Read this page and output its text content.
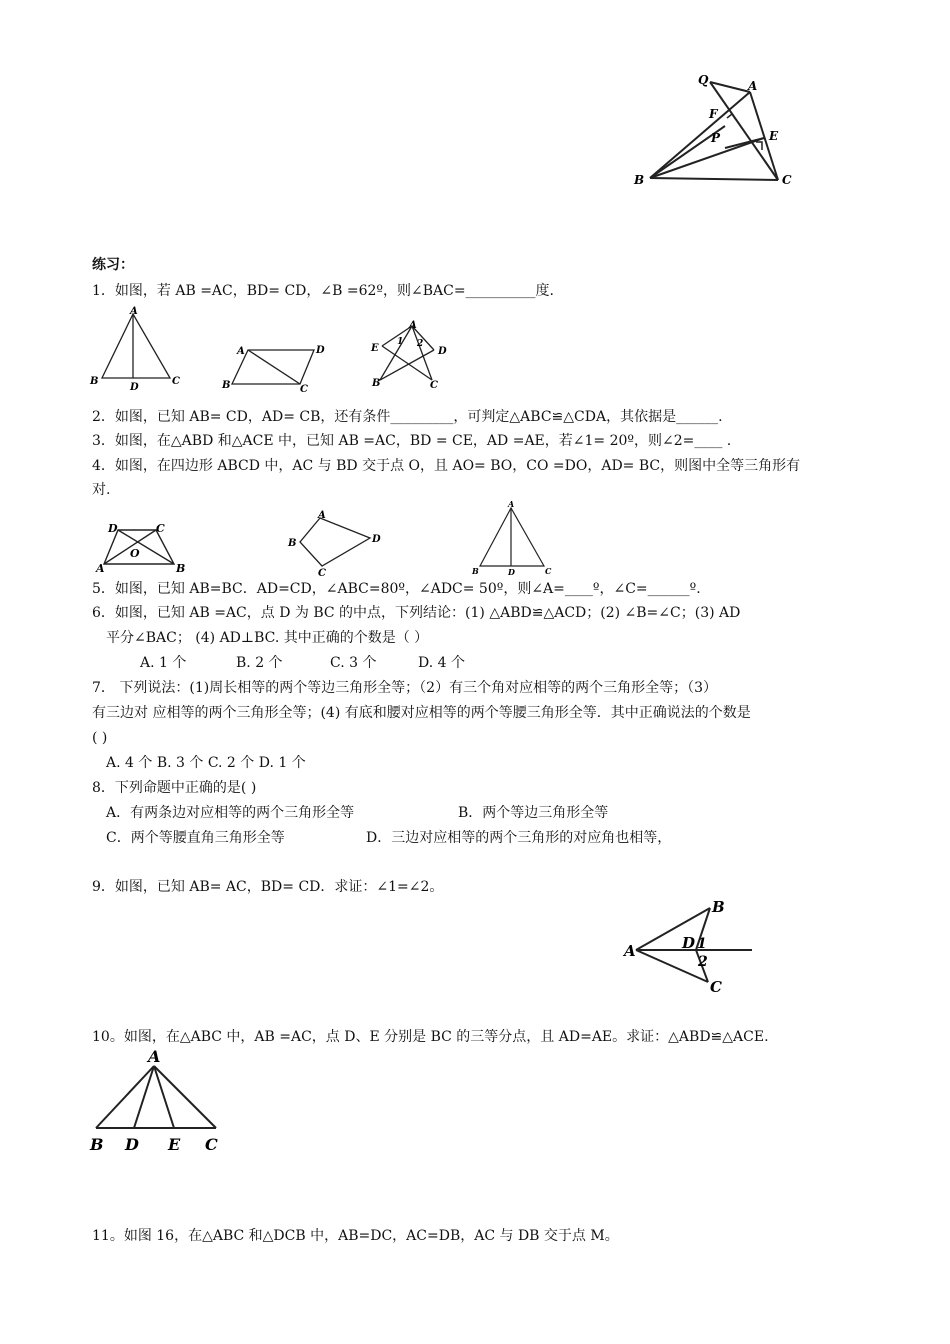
Q	A
F
P	E
B	C
练习：
1．如图，若 AB =AC，BD= CD，∠B =62º，则∠BAC=__________度.
A
B
D
C
A	D
B	C
A
E
1 2
D
B	C
2．如图，已知 AB= CD，AD= CB，还有条件_________，可判定△ABC≌△CDA，其依据是______.
3．如图，在△ABD 和△ACE 中，已知 AB =AC，BD = CE，AD =AE，若∠1= 20º，则∠2=____ .
4．如图，在四边形 ABCD 中，AC 与 BD 交于点 O，且 AO= BO，CO =DO，AD= BC，则图中全等三角形有
对.
D	C
O
A	B
A
B	D
C
A
B	D	C
5．如图，已知 AB=BC．AD=CD，∠ABC=80º，∠ADC= 50º，则∠A=____º，∠C=______º.
6．如图，已知 AB =AC，点 D 为 BC 的中点，下列结论：(1) △ABD≌△ACD；(2) ∠B=∠C；(3) AD
平分∠BAC； (4) AD⊥BC. 其中正确的个数是（ ）
A. 1 个	B. 2 个	C. 3 个	D. 4 个
7． 下列说法：(1)周长相等的两个等边三角形全等；（2）有三个角对应相等的两个三角形全等；（3）
有三边对 应相等的两个三角形全等；(4) 有底和腰对应相等的两个等腰三角形全等．其中正确说法的个数是
( )
A. 4 个 B. 3 个 C. 2 个 D. 1 个
8．下列命题中正确的是( )
A．有两条边对应相等的两个三角形全等	B．两个等边三角形全等
C．两个等腰直角三角形全等	D．三边对应相等的两个三角形的对应角也相等，
9．如图，已知 AB= AC，BD= CD．求证：∠1=∠2。
B
D 1
A
2
C
10。如图，在△ABC 中，AB =AC，点 D、E 分别是 BC 的三等分点，且 AD=AE。求证：△ABD≌△ACE.
A
B D E C
11。如图 16，在△ABC 和△DCB 中，AB=DC，AC=DB，AC 与 DB 交于点 M。
